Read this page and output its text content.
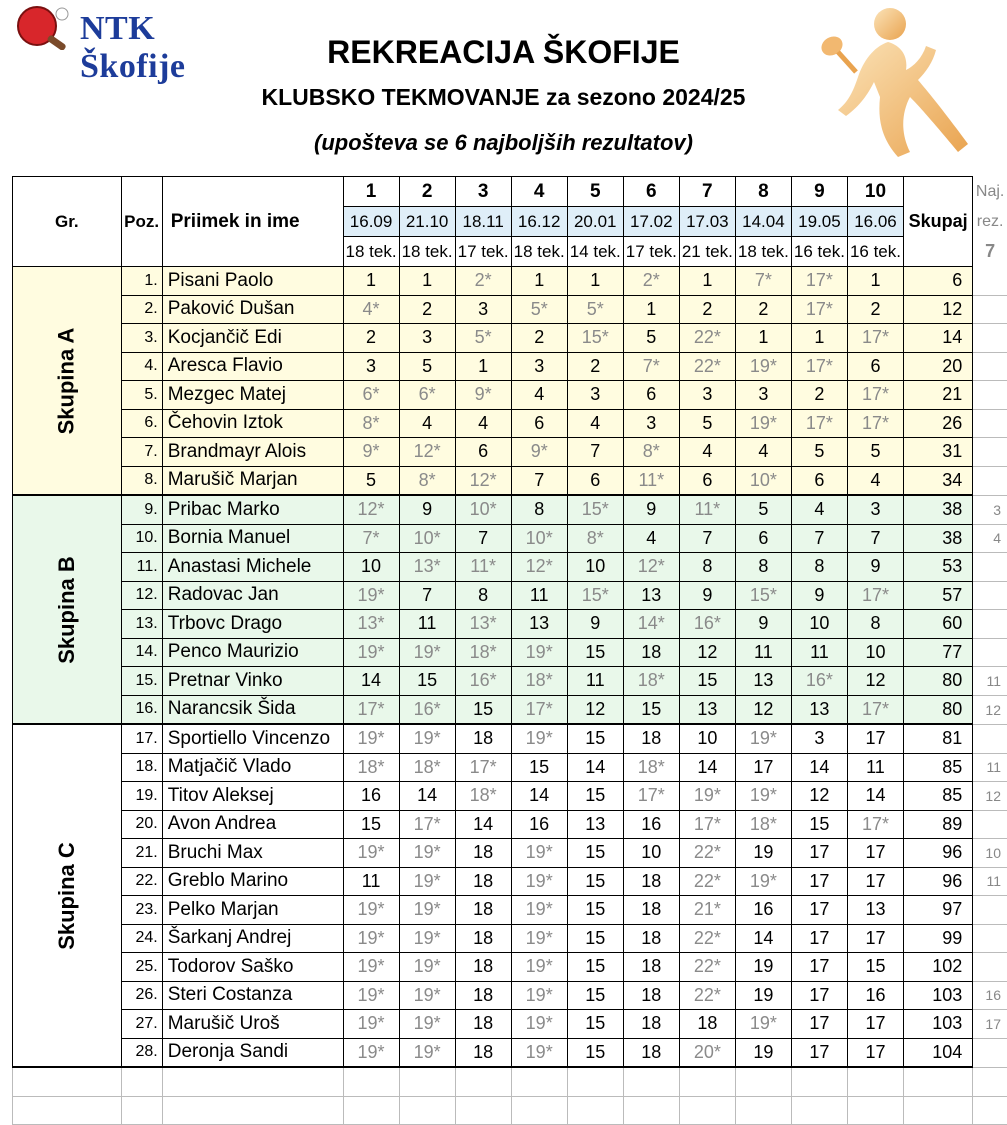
NTK Škofije	REKREACIJA ŠKOFIJE
KLUBSKO TEKMOVANJE za sezono 2024/25
(upošteva se 6 najboljših rezultatov)
Gr.	Poz.	Priimek in ime	1	2	3	4	5	6	7	8	9	10	Skupaj	Naj.
			16.09	21.10	18.11	16.12	20.01	17.02	17.03	14.04	19.05	16.06		rez.
			18 tek.	18 tek.	17 tek.	18 tek.	14 tek.	17 tek.	21 tek.	18 tek.	16 tek.	16 tek.		7
Skupina A	1.	Pisani Paolo	1	1	2*	1	1	2*	1	7*	17*	1	6	
	2.	Paković Dušan	4*	2	3	5*	5*	1	2	2	17*	2	12	
	3.	Kocjančič Edi	2	3	5*	2	15*	5	22*	1	1	17*	14	
	4.	Aresca Flavio	3	5	1	3	2	7*	22*	19*	17*	6	20	
	5.	Mezgec Matej	6*	6*	9*	4	3	6	3	3	2	17*	21	
	6.	Čehovin Iztok	8*	4	4	6	4	3	5	19*	17*	17*	26	
	7.	Brandmayr Alois	9*	12*	6	9*	7	8*	4	4	5	5	31	
	8.	Marušič Marjan	5	8*	12*	7	6	11*	6	10*	6	4	34	
Skupina B	9.	Pribac Marko	12*	9	10*	8	15*	9	11*	5	4	3	38	3
	10.	Bornia Manuel	7*	10*	7	10*	8*	4	7	6	7	7	38	4
	11.	Anastasi Michele	10	13*	11*	12*	10	12*	8	8	8	9	53	
	12.	Radovac Jan	19*	7	8	11	15*	13	9	15*	9	17*	57	
	13.	Trbovc Drago	13*	11	13*	13	9	14*	16*	9	10	8	60	
	14.	Penco Maurizio	19*	19*	18*	19*	15	18	12	11	11	10	77	
	15.	Pretnar Vinko	14	15	16*	18*	11	18*	15	13	16*	12	80	11
	16.	Narancsik Šida	17*	16*	15	17*	12	15	13	12	13	17*	80	12
Skupina C	17.	Sportiello Vincenzo	19*	19*	18	19*	15	18	10	19*	3	17	81	
	18.	Matjačič Vlado	18*	18*	17*	15	14	18*	14	17	14	11	85	11
	19.	Titov Aleksej	16	14	18*	14	15	17*	19*	19*	12	14	85	12
	20.	Avon Andrea	15	17*	14	16	13	16	17*	18*	15	17*	89	
	21.	Bruchi Max	19*	19*	18	19*	15	10	22*	19	17	17	96	10
	22.	Greblo Marino	11	19*	18	19*	15	18	22*	19*	17	17	96	11
	23.	Pelko Marjan	19*	19*	18	19*	15	18	21*	16	17	13	97	
	24.	Šarkanj Andrej	19*	19*	18	19*	15	18	22*	14	17	17	99	
	25.	Todorov Saško	19*	19*	18	19*	15	18	22*	19	17	15	102	
	26.	Steri Costanza	19*	19*	18	19*	15	18	22*	19	17	16	103	16
	27.	Marušič Uroš	19*	19*	18	19*	15	18	18	19*	17	17	103	17
	28.	Deronja Sandi	19*	19*	18	19*	15	18	20*	19	17	17	104	
